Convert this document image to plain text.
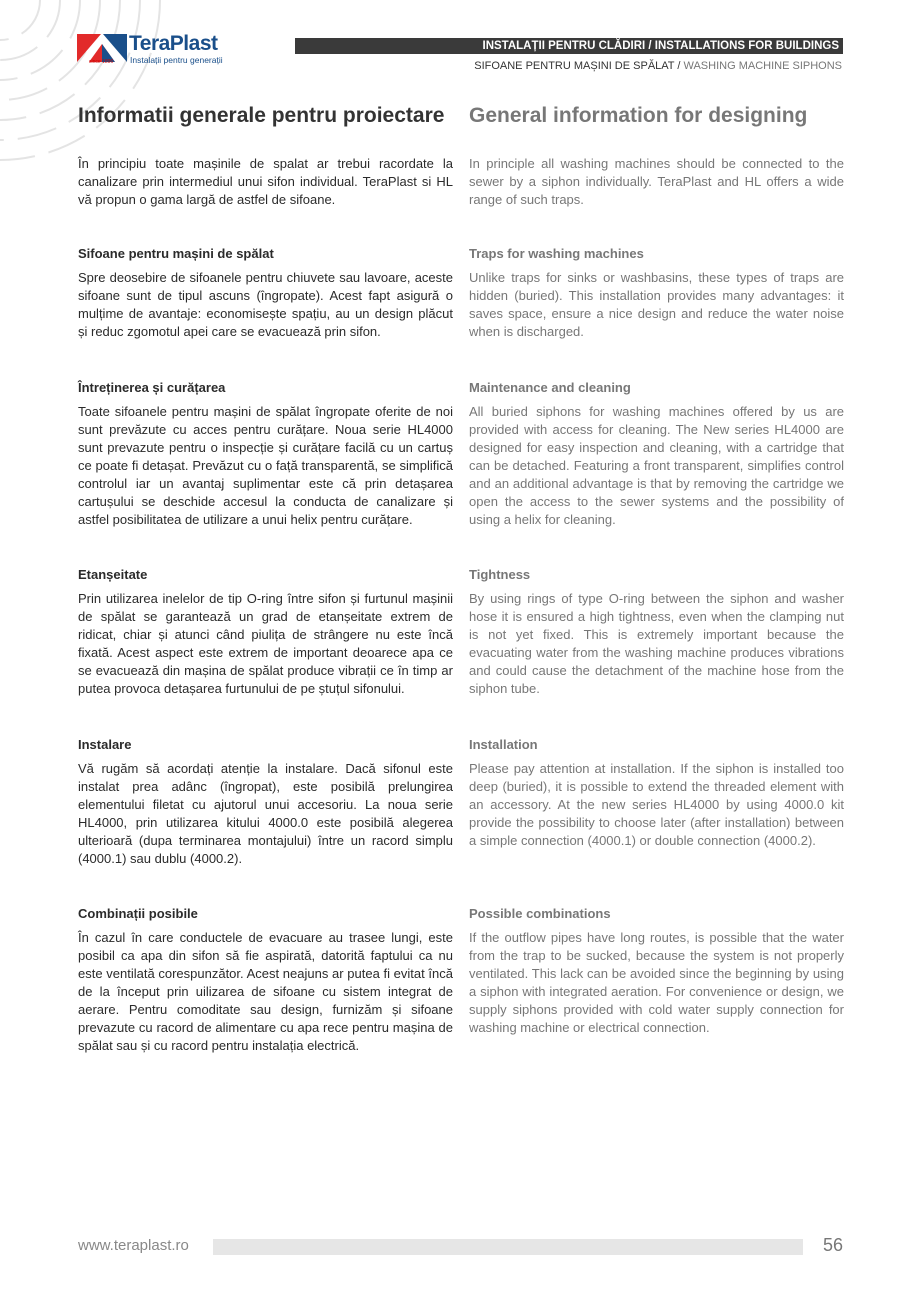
TeraPlast
Instalații pentru generații
since 1896
INSTALAȚII PENTRU CLĂDIRI / INSTALLATIONS FOR BUILDINGS
SIFOANE PENTRU MAȘINI DE SPĂLAT / WASHING MACHINE SIPHONS
Informatii generale pentru proiectare General information for designing

În principiu toate mașinile de spalat ar trebui racordate la canalizare prin intermediul unui sifon individual. TeraPlast si HL vă propun o gama largă de astfel de sifoane.

Sifoane pentru mașini de spălat

Spre deosebire de sifoanele pentru chiuvete sau lavoare, aceste sifoane sunt de tipul ascuns (îngropate). Acest fapt asigură o mulțime de avantaje: economisește spațiu, au un design plăcut și reduc zgomotul apei care se evacuează prin sifon.

Întreținerea și curățarea

Toate sifoanele pentru mașini de spălat îngropate oferite de noi sunt prevăzute cu acces pentru curățare. Noua serie HL4000 sunt prevazute pentru o inspecție și curățare facilă cu un cartuș ce poate fi detașat. Prevăzut cu o față transparentă, se simplifică controlul iar un avantaj suplimentar este că prin detașarea cartușului se deschide accesul la conducta de canalizare și astfel posibilitatea de utilizare a unui helix pentru curățare.

Etanșeitate

Prin utilizarea inelelor de tip O-ring între sifon și furtunul mașinii de spălat se garantează un grad de etanșeitate extrem de ridicat, chiar și atunci când piulița de strângere nu este încă fixată. Acest aspect este extrem de important deoarece apa ce se evacuează din mașina de spălat produce vibrații ce în timp ar putea provoca detașarea furtunului de pe ștuțul sifonului.

Instalare

Vă rugăm să acordați atenție la instalare. Dacă sifonul este instalat prea adânc (îngropat), este posibilă prelungirea elementului filetat cu ajutorul unui accesoriu. La noua serie HL4000, prin utilizarea kitului 4000.0 este posibilă alegerea ulterioară (dupa terminarea montajului) între un racord simplu (4000.1) sau dublu (4000.2).

Combinații posibile

În cazul în care conductele de evacuare au trasee lungi, este posibil ca apa din sifon să fie aspirată, datorită faptului ca nu este ventilată corespunzător. Acest neajuns ar putea fi evitat încă de la început prin uilizarea de sifoane cu sistem integrat de aerare. Pentru comoditate sau design, furnizăm și sifoane prevazute cu racord de alimentare cu apa rece pentru mașina de spălat sau și cu racord pentru instalația electrică.

In principle all washing machines should be connected to the sewer by a siphon individually. TeraPlast and HL offers a wide range of such traps.

Traps for washing machines

Unlike traps for sinks or washbasins, these types of traps are hidden (buried). This installation provides many advantages: it saves space, ensure a nice design and reduce the water noise when is discharged.

Maintenance and cleaning

All buried siphons for washing machines offered by us are provided with access for cleaning. The New series HL4000 are designed for easy inspection and cleaning, with a cartridge that can be detached. Featuring a front transparent, simplifies control and an additional advantage is that by removing the cartridge we open the access to the sewer systems and the possibility of using a helix for cleaning.

Tightness

By using rings of type O-ring between the siphon and washer hose it is ensured a high tightness, even when the clamping nut is not yet fixed. This is extremely important because the evacuating water from the washing machine produces vibrations and could cause the detachment of the machine hose from the siphon tube.

Installation

Please pay attention at installation. If the siphon is installed too deep (buried), it is possible to extend the threaded element with an accessory. At the new series HL4000 by using 4000.0 kit provide the possibility to choose later (after installation) between a simple connection (4000.1) or double connection (4000.2).

Possible combinations

If the outflow pipes have long routes, is possible that the water from the trap to be sucked, because the system is not properly ventilated. This lack can be avoided since the beginning by using a siphon with integrated aeration. For convenience or design, we supply siphons provided with cold water supply connection for washing machine or electrical connection.

www.teraplast.ro	56
